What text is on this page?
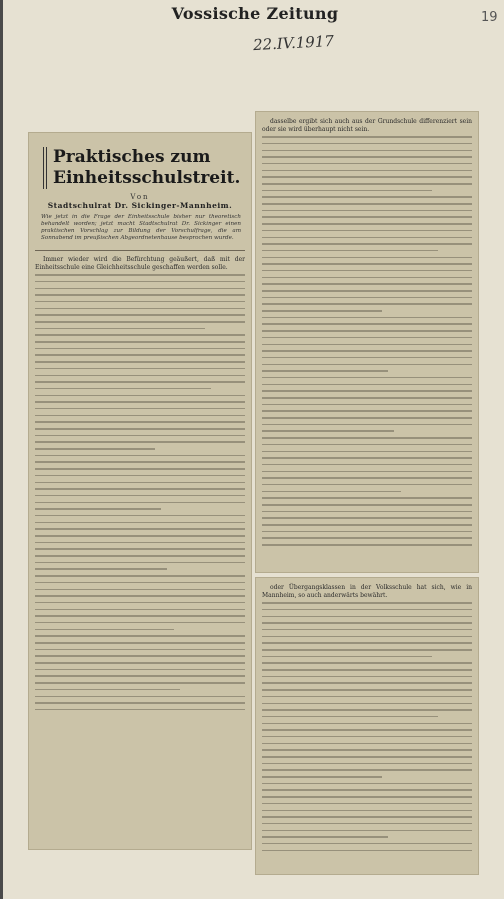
Vossische Zeitung	19
22.IV.1917
Praktisches zum Einheitsschulstreit.
Von
Stadtschulrat Dr. Sickinger-Mannheim.
Wie jetzt in die Frage der Einheitsschule bisher nur theoretisch behandelt worden; jetzt macht Stadtschulrat Dr. Sickinger einen praktischen Vorschlag zur Bildung der Vorschulfrage, die am Sonnabend im preußischen Abgeordnetenhause besprochen wurde.

Immer wieder wird die Befürchtung geäußert, daß mit der Einheitsschule eine Gleichheitsschule geschaffen werden solle.

dasselbe ergibt sich auch aus der Grundschule differenziert sein oder sie wird überhaupt nicht sein.

oder Übergangsklassen in der Volksschule hat sich, wie in Mannheim, so auch anderwärts bewährt.
